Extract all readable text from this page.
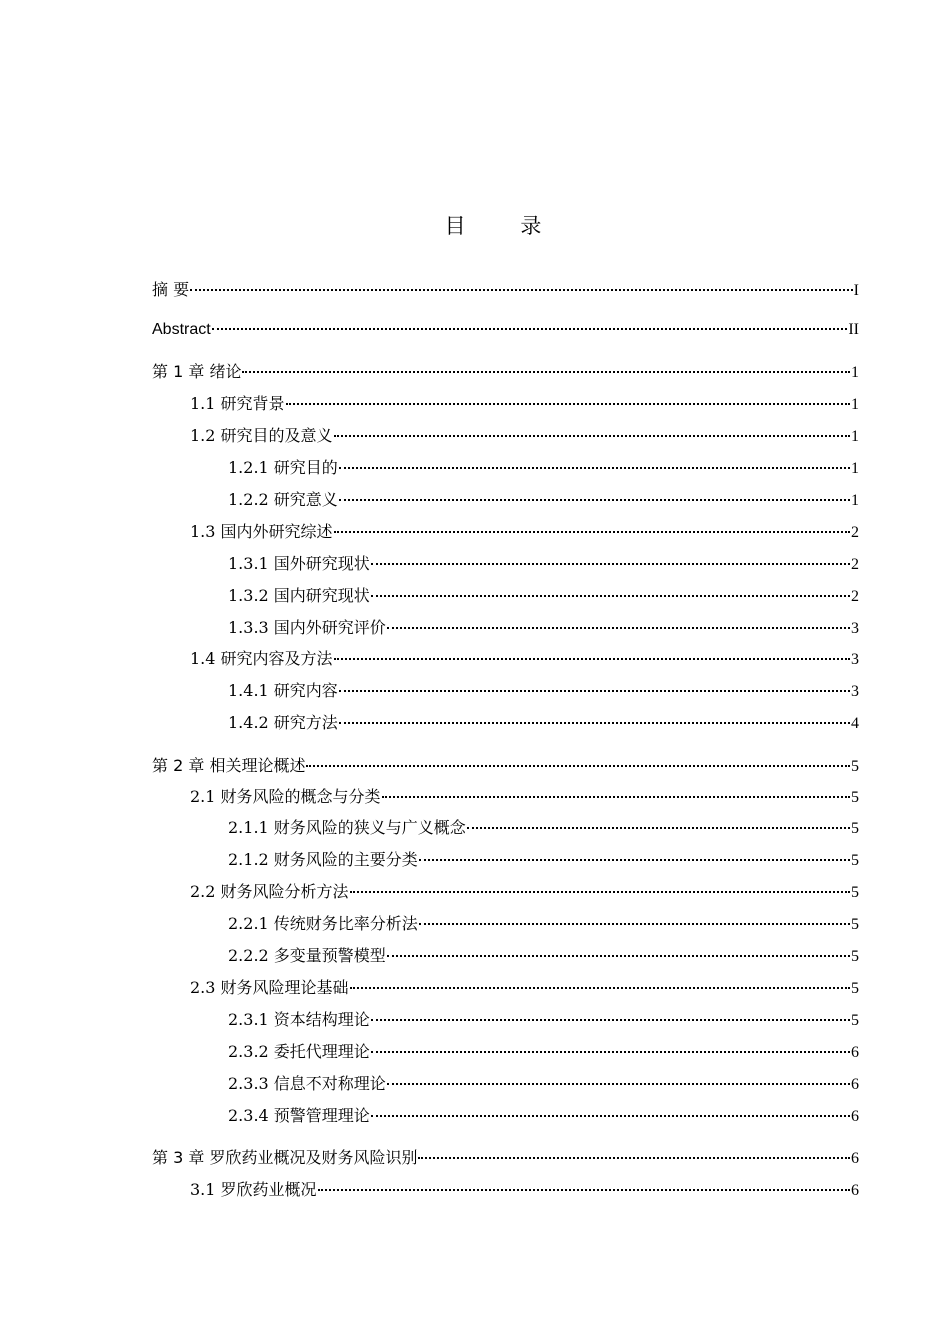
目 录
摘 要	I
Abstract	II
第 1 章 绪论	1
1.1 研究背景	1
1.2 研究目的及意义	1
1.2.1 研究目的	1
1.2.2 研究意义	1
1.3 国内外研究综述	2
1.3.1 国外研究现状	2
1.3.2 国内研究现状	2
1.3.3 国内外研究评价	3
1.4 研究内容及方法	3
1.4.1 研究内容	3
1.4.2 研究方法	4
第 2 章 相关理论概述	5
2.1 财务风险的概念与分类	5
2.1.1 财务风险的狭义与广义概念	5
2.1.2 财务风险的主要分类	5
2.2 财务风险分析方法	5
2.2.1 传统财务比率分析法	5
2.2.2 多变量预警模型	5
2.3 财务风险理论基础	5
2.3.1 资本结构理论	5
2.3.2 委托代理理论	6
2.3.3 信息不对称理论	6
2.3.4 预警管理理论	6
第 3 章 罗欣药业概况及财务风险识别	6
3.1 罗欣药业概况	6
